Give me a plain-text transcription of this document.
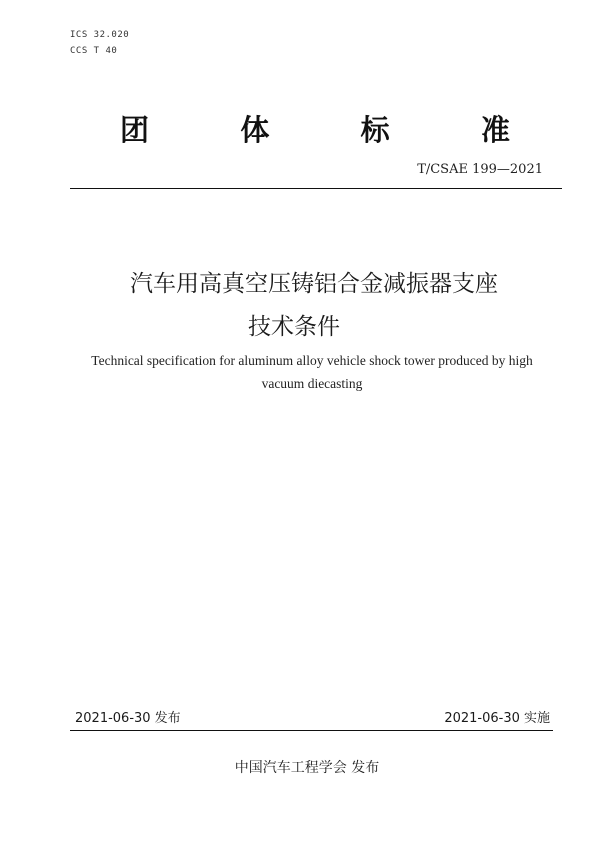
ICS 32.020
CCS T 40
团	体	标	准
T/CSAE 199—2021
汽车用高真空压铸铝合金减振器支座
技术条件
Technical specification for aluminum alloy vehicle shock tower produced by high
vacuum diecasting
2021-06-30 发布	2021-06-30 实施
中国汽车工程学会 发布
